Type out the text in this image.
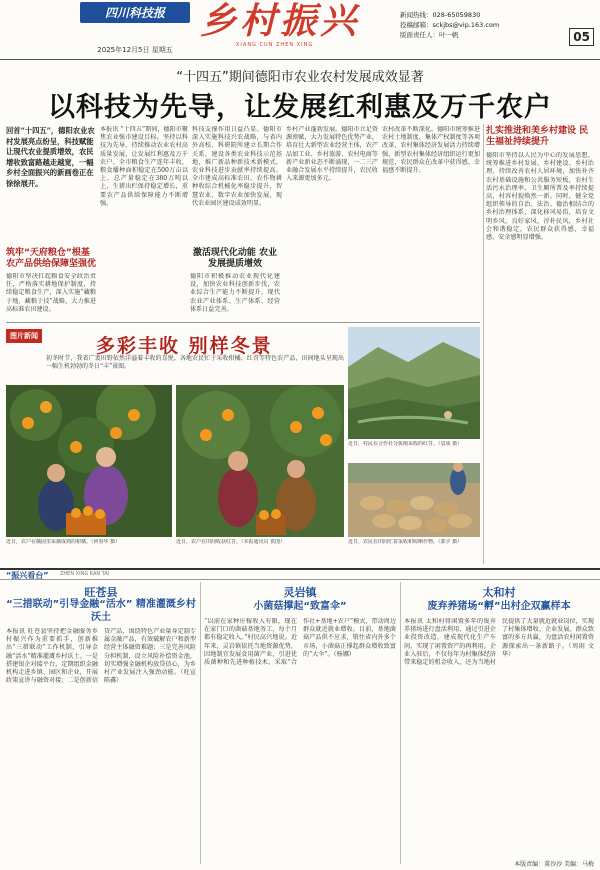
四川科技报
2025年12月5日 星期五
乡村振兴
XIANG CUN ZHEN XING
新闻热线：028-65059830
投稿邮箱：sckjbs@vip.163.com
版面责任人：叶一帆	05
“十四五”期间德阳市农业农村发展成效显著
以科技为先导，让发展红利惠及万千农户
回首“十四五”，德阳农业农村发展亮点纷呈，科技赋能让现代农业提质增效，农民增收致富路越走越宽，一幅乡村全面振兴的新画卷正在徐徐展开。
本报讯 “十四五”期间，德阳市聚焦农业强市建设目标，坚持以科技为先导，持续推动农业农村高质量发展，让发展红利惠及万千农户。全市粮食生产连年丰收，粮食播种面积稳定在500万亩以上，总产量稳定在380万吨以上，生猪出栏保持稳定增长，重要农产品供给保障能力不断增强。
科技支撑作用日益凸显。德阳市深入实施科技兴农战略，与省内外高校、科研院所建立长期合作关系，建设各类农业科技示范基地，推广新品种新技术新模式，农业科技进步贡献率持续提高。全市建成高标准农田，农作物耕种收综合机械化率稳步提升，智慧农业、数字农业加快发展，现代农业园区建设成效明显。
乡村产业蓬勃发展。德阳市立足资源禀赋，大力发展特色优势产业，培育壮大新型农业经营主体，农产品加工业、乡村旅游、农村电商等新产业新业态不断涌现，一二三产业融合发展水平持续提升，农民收入来源更加多元。
农村改革不断深化。德阳市统筹推进农村土地制度、集体产权制度等各项改革，农村集体经济发展活力持续增强，新型农村集体经济组织运行更加规范，农民群众在改革中获得感、幸福感不断提升。
筑牢“天府粮仓”根基 农产品供给保障坚强优
德阳市坚决扛起粮食安全政治责任，严格落实耕地保护制度，持续稳定粮食生产，深入实施“藏粮于地、藏粮于技”战略，大力推进高标准农田建设。
激活现代化动能 农业发展提质增效
德阳市积极推动农业现代化建设，加快农业科技创新步伐，农业综合生产能力不断提升，现代农业产业体系、生产体系、经营体系日益完善。
扎实推进和美乡村建设 民生福祉持续提升
德阳市坚持以人民为中心的发展思想，统筹推进乡村发展、乡村建设、乡村治理，持续改善农村人居环境，加快补齐农村基础设施和公共服务短板，农村生活污水治理率、卫生厕所普及率持续提高，村容村貌焕然一新。同时，健全党组织领导的自治、法治、德治相结合的乡村治理体系，深化移风易俗，培育文明乡风、良好家风、淳朴民风，乡村社会和谐稳定，农民群众获得感、幸福感、安全感明显增强。
图片新闻	多彩丰收 别样冬景
初冬时节，我省广袤田野依然洋溢着丰收的喜悦。各地农民忙于采收柑橘、红苕等特色农产品，田间地头呈现出一幅生机勃勃的冬日“丰”景图。
近日，农户在橘园里采摘成熟的柑橘。（何春华 摄）	近日，农户在田间收获红苕。（本报通讯员 供图）
近日，村民在合作社分拣刚采收的红苕。（袁成 摄）
近日，农民在田间忙着采收和晾晒作物。（郭宇 摄）
“振兴看台” ZHEN XING KAN TAI
旺苍县
“三措联动”引导金融“活水” 精准灌溉乡村沃土
本报讯 旺苍县坚持把金融服务乡村振兴作为重要抓手，创新推出“三措联动”工作机制，引导金融“活水”精准灌溉乡村沃土。一是搭建银企对接平台，定期组织金融机构走进乡镇、园区和企业，开展政策宣讲与融资对接；二是创新信贷产品，围绕特色产业量身定制专属金融产品，有效破解农户和新型经营主体融资难题；三是完善风险分担机制，设立风险补偿资金池，切实增强金融机构放贷信心，为乡村产业发展注入强劲动能。（旺宣 陈鑫）
灵岩镇
小菌菇撑起“致富伞”
“以前在家种庄稼收入有限，现在在家门口的菌菇基地务工，每个月都有稳定收入。”村民高兴地说。近年来，灵岩镇依托当地资源优势，因地制宜发展食用菌产业，引进优质菌种和先进种植技术，采取“合作社+基地+农户”模式，带动周边群众就近就业增收。目前，基地菌菇产品供不应求，销往省内外多个市场，小菌菇正撑起群众增收致富的“大伞”。（杨娜）
太和村
废弃养猪场“孵”出村企双赢样本
本报讯 太和村将闲置多年的废弃养猪场进行盘活利用，通过引进企业投资改造，建成现代化生产车间，实现了闲置资产的再利用。企业入驻后，不仅每年为村集体经济带来稳定的租金收入，还为当地村民提供了大量就近就业岗位，实现了村集体增收、企业发展、群众致富的多方共赢，为盘活农村闲置资源探索出一条新路子。（周雨 文华）
本版责编：董沙沙 美编：马梅
